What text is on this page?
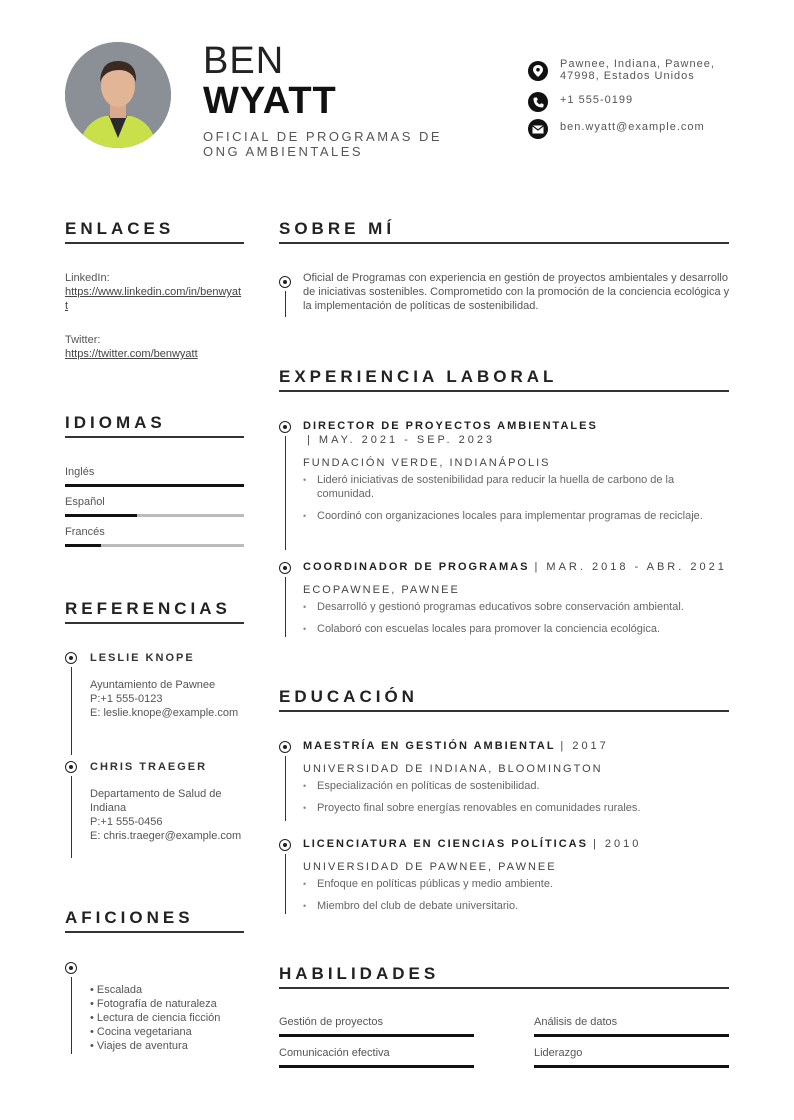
BEN
WYATT
OFICIAL DE PROGRAMAS DE ONG AMBIENTALES
Pawnee, Indiana, Pawnee, 47998, Estados Unidos
+1 555-0199
ben.wyatt@example.com
ENLACES
LinkedIn:
https://www.linkedin.com/in/benwyatt
Twitter:
https://twitter.com/benwyatt
IDIOMAS
Inglés
Español
Francés
REFERENCIAS
LESLIE KNOPE
Ayuntamiento de Pawnee
P:+1 555-0123
E: leslie.knope@example.com
CHRIS TRAEGER
Departamento de Salud de Indiana
P:+1 555-0456
E: chris.traeger@example.com
AFICIONES
• Escalada
• Fotografía de naturaleza
• Lectura de ciencia ficción
• Cocina vegetariana
• Viajes de aventura
SOBRE MÍ
Oficial de Programas con experiencia en gestión de proyectos ambientales y desarrollo de iniciativas sostenibles. Comprometido con la promoción de la conciencia ecológica y la implementación de políticas de sostenibilidad.
EXPERIENCIA LABORAL
DIRECTOR DE PROYECTOS AMBIENTALES
| MAY. 2021 - SEP. 2023
FUNDACIÓN VERDE, INDIANÁPOLIS
• Lideró iniciativas de sostenibilidad para reducir la huella de carbono de la comunidad.
• Coordinó con organizaciones locales para implementar programas de reciclaje.
COORDINADOR DE PROGRAMAS | MAR. 2018 - ABR. 2021
ECOPAWNEE, PAWNEE
• Desarrolló y gestionó programas educativos sobre conservación ambiental.
• Colaboró con escuelas locales para promover la conciencia ecológica.
EDUCACIÓN
MAESTRÍA EN GESTIÓN AMBIENTAL | 2017
UNIVERSIDAD DE INDIANA, BLOOMINGTON
• Especialización en políticas de sostenibilidad.
• Proyecto final sobre energías renovables en comunidades rurales.
LICENCIATURA EN CIENCIAS POLÍTICAS | 2010
UNIVERSIDAD DE PAWNEE, PAWNEE
• Enfoque en políticas públicas y medio ambiente.
• Miembro del club de debate universitario.
HABILIDADES
Gestión de proyectos	Análisis de datos
Comunicación efectiva	Liderazgo
